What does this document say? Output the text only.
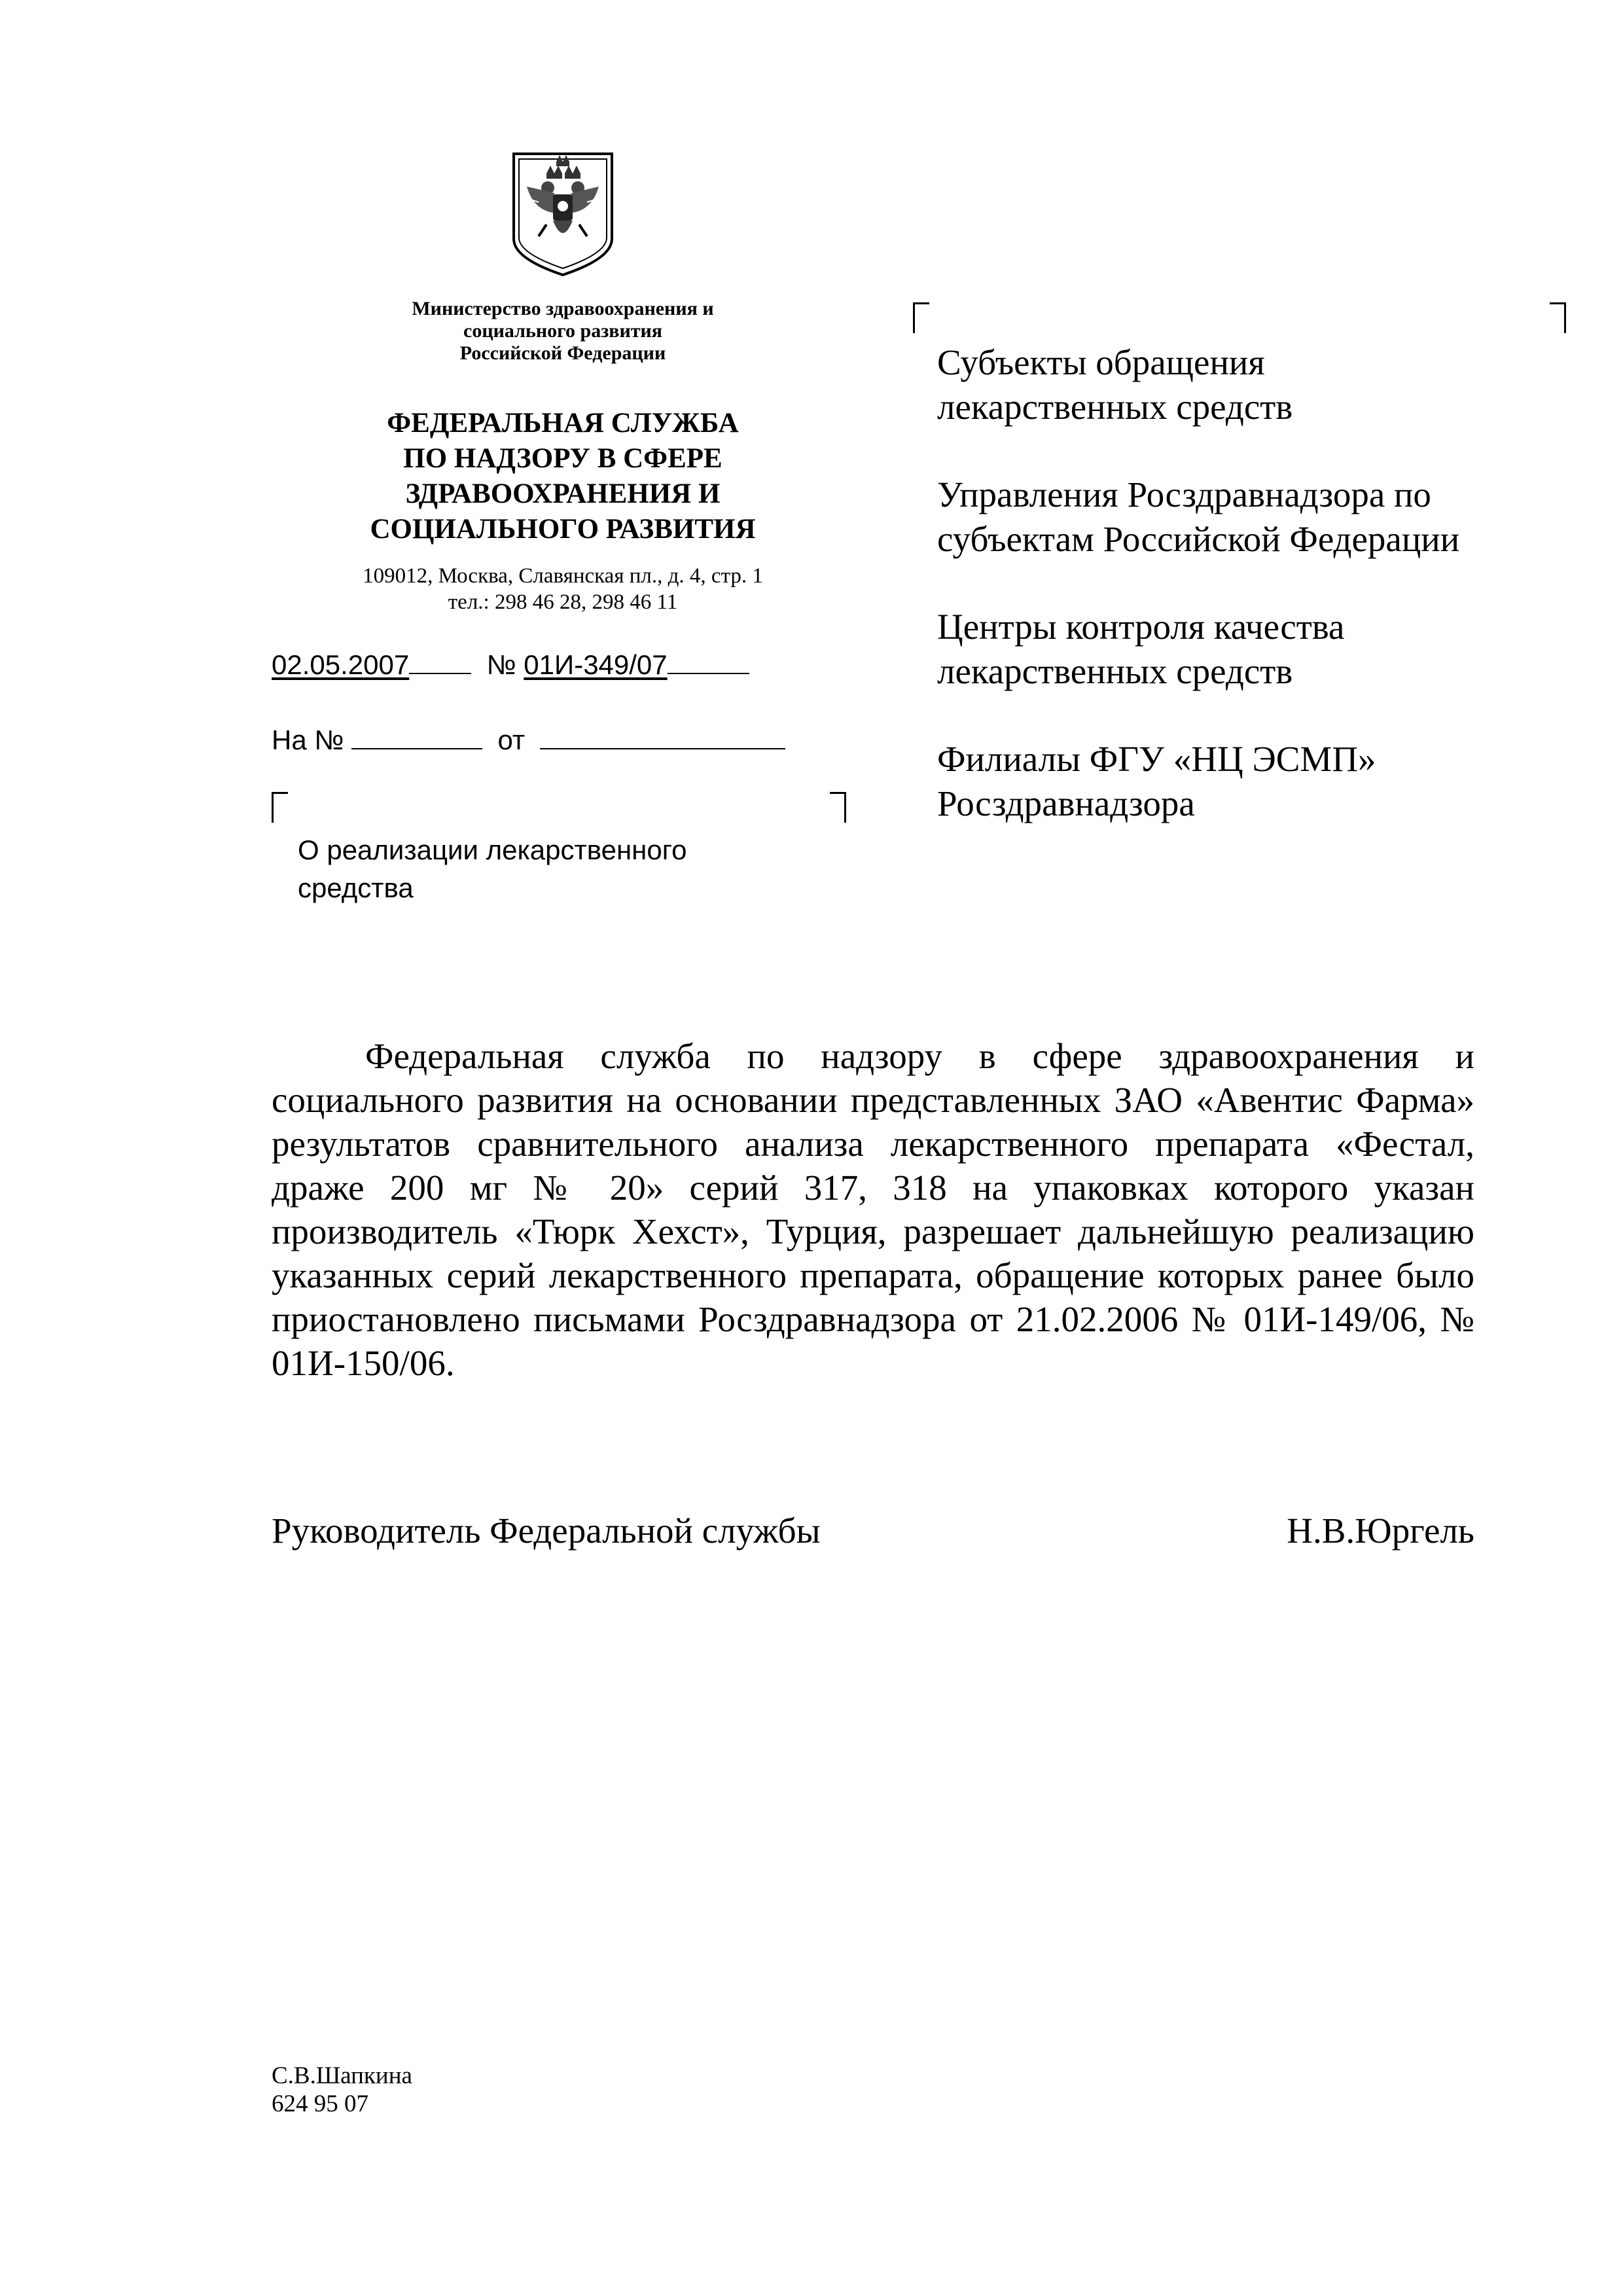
Министерство здравоохранения и
социального развития
Российской Федерации
ФЕДЕРАЛЬНАЯ СЛУЖБА
ПО НАДЗОРУ В СФЕРЕ
ЗДРАВООХРАНЕНИЯ И
СОЦИАЛЬНОГО РАЗВИТИЯ
109012, Москва, Славянская пл., д. 4, стр. 1
тел.: 298 46 28, 298 46 11
02.05.2007	№ 01И-349/07
На №	от
О реализации лекарственного
средства

Субъекты обращения
лекарственных средств

Управления Росздравнадзора по
субъектам Российской Федерации

Центры контроля качества
лекарственных средств

Филиалы ФГУ «НЦ ЭСМП»
Росздравнадзора

Федеральная служба по надзору в сфере здравоохранения и социального развития на основании представленных ЗАО «Авентис Фарма» результатов сравнительного анализа лекарственного препарата «Фестал, драже 200 мг № 20» серий 317, 318 на упаковках которого указан производитель «Тюрк Хехст», Турция, разрешает дальнейшую реализацию указанных серий лекарственного препарата, обращение которых ранее было приостановлено письмами Росздравнадзора от 21.02.2006 № 01И-149/06, № 01И-150/06.

Руководитель Федеральной службы	Н.В.Юргель
С.В.Шапкина
624 95 07
